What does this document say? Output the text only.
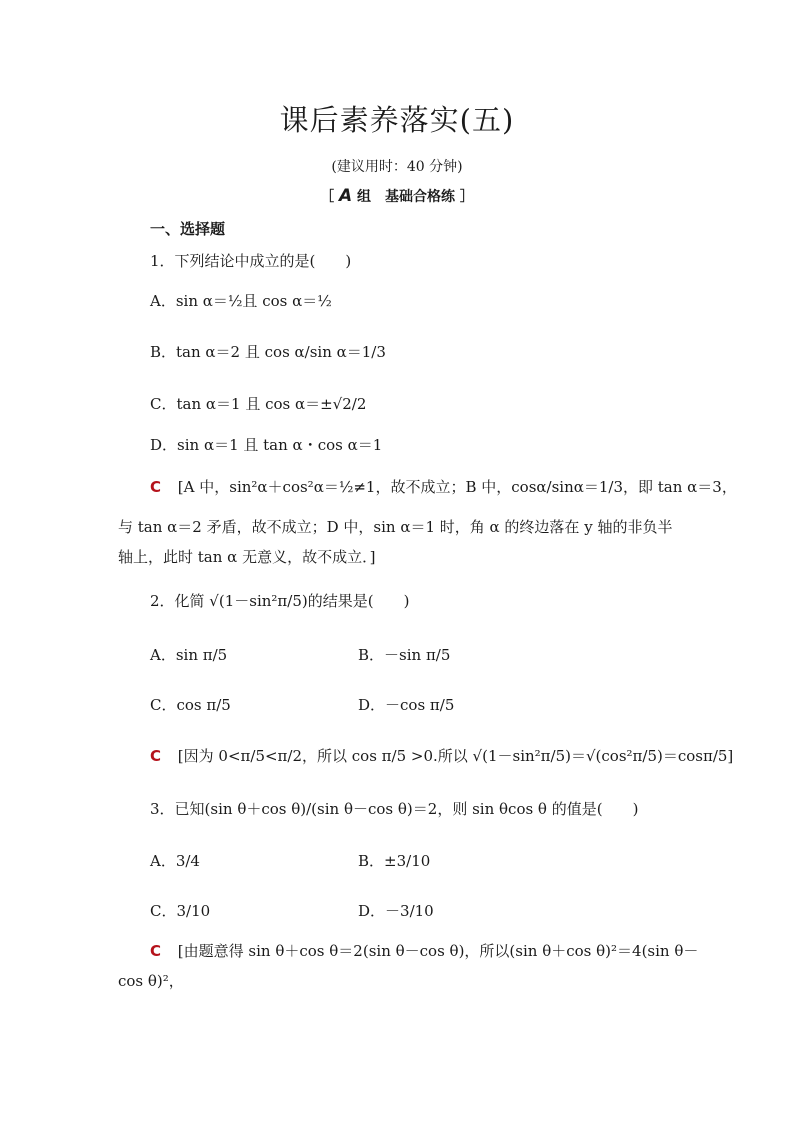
课后素养落实(五)
(建议用时：40 分钟)
［ A 组　基础合格练 ］
一、选择题
1．下列结论中成立的是(　　)
A．sin α＝½且 cos α＝½
B．tan α＝2 且 cos α/sin α＝1/3
C．tan α＝1 且 cos α＝±√2/2
D．sin α＝1 且 tan α・cos α＝1
C [A 中，sin²α＋cos²α＝½≠1，故不成立；B 中，cosα/sinα＝1/3，即 tan α＝3，
与 tan α＝2 矛盾，故不成立；D 中，sin α＝1 时，角 α 的终边落在 y 轴的非负半
轴上，此时 tan α 无意义，故不成立．]
2．化简 √(1－sin²π/5)的结果是(　　)
A．sin π/5	B．－sin π/5
C．cos π/5	D．－cos π/5
C [因为 0<π/5<π/2，所以 cos π/5 >0.所以 √(1－sin²π/5)＝√(cos²π/5)＝cosπ/5]
3．已知(sin θ＋cos θ)/(sin θ－cos θ)＝2，则 sin θcos θ 的值是(　　)
A．3/4	B．±3/10
C．3/10	D．－3/10
C [由题意得 sin θ＋cos θ＝2(sin θ－cos θ)，所以(sin θ＋cos θ)²＝4(sin θ－
cos θ)²，
